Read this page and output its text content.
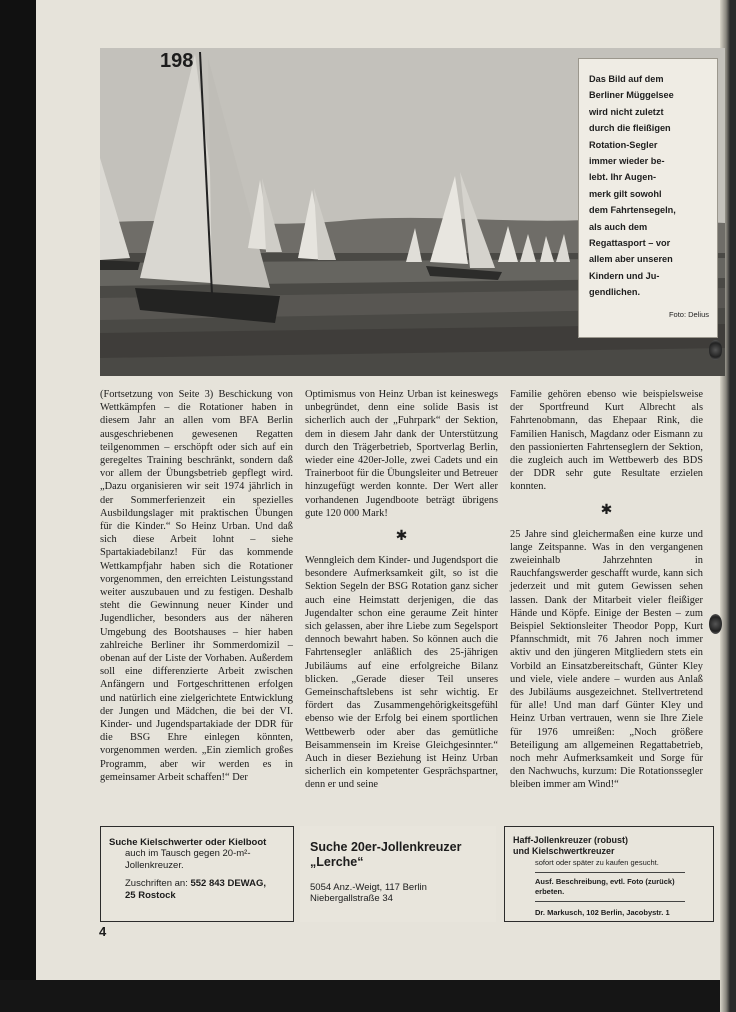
198
Das Bild auf dem
Berliner Müggelsee
wird nicht zuletzt
durch die fleißigen
Rotation-Segler
immer wieder be-
lebt. Ihr Augen-
merk gilt sowohl
dem Fahrtensegeln,
als auch dem
Regattasport – vor
allem aber unseren
Kindern und Ju-
gendlichen.
Foto: Delius

(Fortsetzung von Seite 3) Beschickung von Wettkämpfen – die Rotationer haben in diesem Jahr an allen vom BFA Berlin ausgeschriebenen gewesenen Regatten teilgenommen – erschöpft oder sich auf ein geregeltes Training beschränkt, sondern daß vor allem der Übungsbetrieb gepflegt wird. „Dazu organisieren wir seit 1974 jährlich in der Sommerferienzeit ein spezielles Ausbildungslager mit praktischen Übungen für die Kinder.“ So Heinz Urban. Und daß sich diese Arbeit lohnt – siehe Spartakiadebilanz! Für das kommende Wettkampfjahr haben sich die Rotationer vorgenommen, den erreichten Leistungsstand weiter auszubauen und zu festigen. Deshalb steht die Gewinnung neuer Kinder und Jugendlicher, besonders aus der näheren Umgebung des Bootshauses – hier haben zahlreiche Berliner ihr Sommerdomizil – obenan auf der Liste der Vorhaben. Außerdem soll eine differenzierte Arbeit zwischen Anfängern und Fortgeschrittenen erfolgen und natürlich eine zielgerichtete Entwicklung der Jungen und Mädchen, die bei der VI. Kinder- und Jugendspartakiade der DDR für die BSG Ehre einlegen könnten, vorgenommen werden. „Ein ziemlich großes Programm, aber wir werden es in gemeinsamer Arbeit schaffen!“ Der

Optimismus von Heinz Urban ist keineswegs unbegründet, denn eine solide Basis ist sicherlich auch der „Fuhrpark“ der Sektion, dem in diesem Jahr dank der Unterstützung durch den Trägerbetrieb, Sportverlag Berlin, wieder eine 420er-Jolle, zwei Cadets und ein Trainerboot für die Übungsleiter und Betreuer hinzugefügt werden konnte. Der Wert aller vorhandenen Jugendboote beträgt übrigens gute 120 000 Mark!

✱

Wenngleich dem Kinder- und Jugendsport die besondere Aufmerksamkeit gilt, so ist die Sektion Segeln der BSG Rotation ganz sicher auch eine Heimstatt derjenigen, die das Jugendalter schon eine geraume Zeit hinter sich gelassen, aber ihre Liebe zum Segelsport dennoch bewahrt haben. So können auch die Fahrtensegler anläßlich des 25-jährigen Jubiläums auf eine erfolgreiche Bilanz blicken. „Gerade dieser Teil unseres Gemeinschaftslebens ist sehr wichtig. Er fördert das Zusammengehörigkeitsgefühl ebenso wie der Erfolg bei einem sportlichen Wettbewerb oder aber das gemütliche Beisammensein im Kreise Gleichgesinnter.“ Auch in dieser Beziehung ist Heinz Urban sicherlich ein kompetenter Gesprächspartner, denn er und seine

Familie gehören ebenso wie beispielsweise der Sportfreund Kurt Albrecht als Fahrtenobmann, das Ehepaar Rink, die Familien Hanisch, Magdanz oder Eismann zu den passionierten Fahrtenseglern der Sektion, die zugleich auch im Wettbewerb des BDS der DDR sehr gute Resultate erzielen konnten.

✱

25 Jahre sind gleichermaßen eine kurze und lange Zeitspanne. Was in den vergangenen zweieinhalb Jahrzehnten in Rauchfangswerder geschafft wurde, kann sich jederzeit und mit gutem Gewissen sehen lassen. Dank der Mitarbeit vieler fleißiger Hände und Köpfe. Einige der Besten – zum Beispiel Sektionsleiter Theodor Popp, Kurt Pfannschmidt, mit 76 Jahren noch immer aktiv und den jüngeren Mitgliedern stets ein Vorbild an Einsatzbereitschaft, Günter Kley und viele, viele andere – wurden aus Anlaß des Jubiläums ausgezeichnet. Stellvertretend für alle! Und man darf Günter Kley und Heinz Urban vertrauen, wenn sie Ihre Ziele für 1976 umreißen: „Noch größere Beteiligung am allgemeinen Regattabetrieb, noch mehr Aufmerksamkeit und Sorge für den Nachwuchs, kurzum: Die Rotationssegler bleiben immer am Wind!“

Suche Kielschwerter oder Kielboot
auch im Tausch gegen 20-m²-Jollenkreuzer.
Zuschriften an: 552 843 DEWAG,
25 Rostock
Suche 20er-Jollenkreuzer
„Lerche“
5054 Anz.-Weigt, 117 Berlin
Niebergallstraße 34
Haff-Jollenkreuzer (robust)
und Kielschwertkreuzer
sofort oder später zu kaufen gesucht.
Ausf. Beschreibung, evtl. Foto (zurück) erbeten.
Dr. Markusch, 102 Berlin, Jacobystr. 1
4
